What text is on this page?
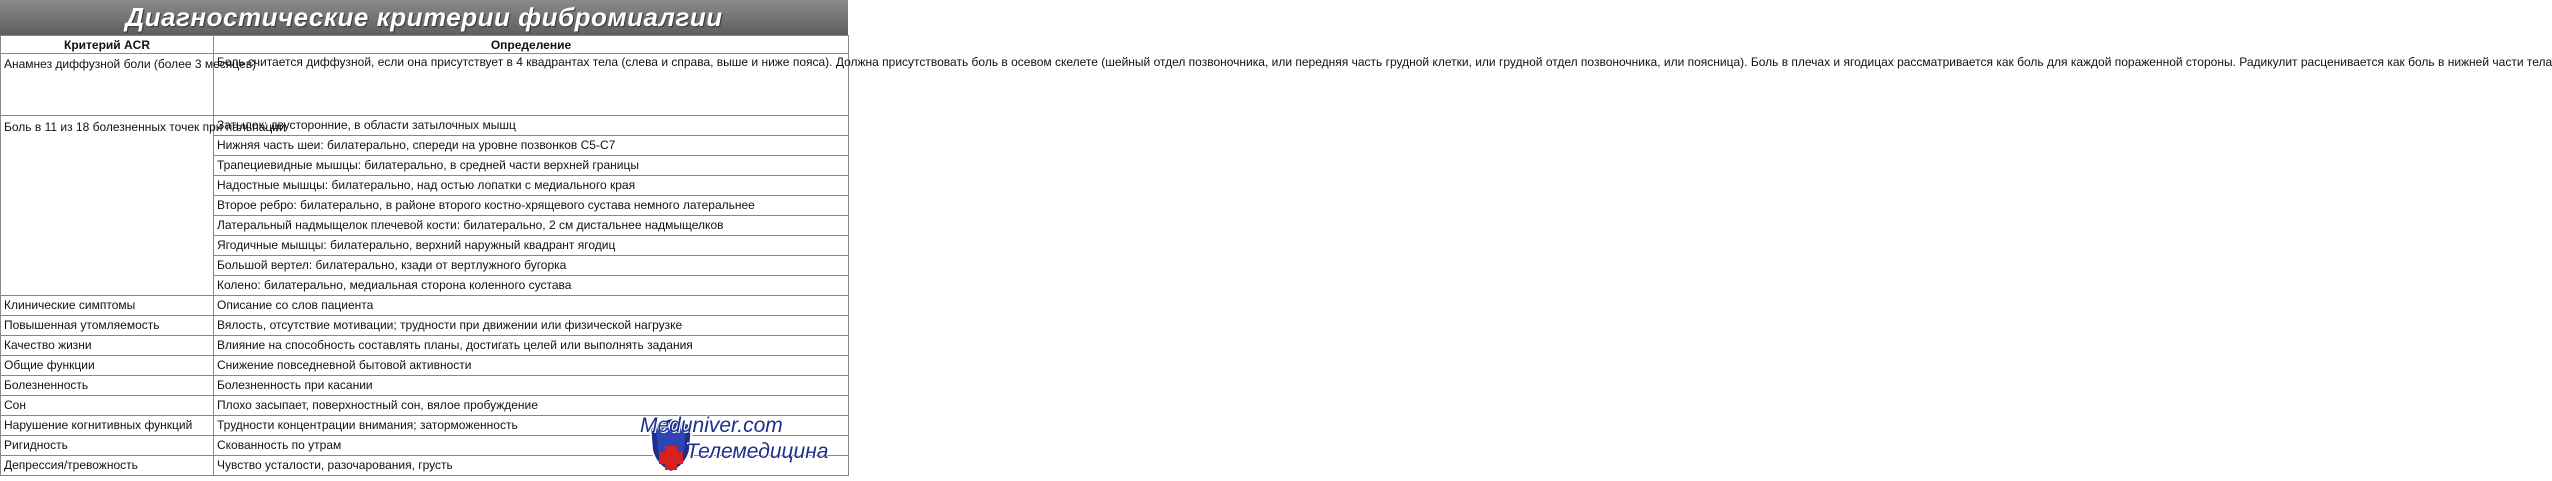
Диагностические критерии фибромиалгии
Критерий ACR	Определение
Анамнез диффузной боли (более 3 месяцев)	Боль считается диффузной, если она присутствует в 4 квадрантах тела (слева и справа, выше и ниже пояса). Должна присутствовать боль в осевом скелете (шейный отдел позвоночника, или передняя часть грудной клетки, или грудной отдел позвоночника, или поясница). Боль в плечах и ягодицах рассматривается как боль для каждой пораженной стороны. Радикулит расценивается как боль в нижней части тела
Боль в 11 из 18 болезненных точек при пальпации	Затылок: двусторонние, в области затылочных мышц
	Нижняя часть шеи: билатерально, спереди на уровне позвонков С5-С7
	Трапециевидные мышцы: билатерально, в средней части верхней границы
	Надостные мышцы: билатерально, над остью лопатки с медиального края
	Второе ребро: билатерально, в районе второго костно-хрящевого сустава немного латеральнее
	Латеральный надмыщелок плечевой кости: билатерально, 2 см дистальнее надмыщелков
	Ягодичные мышцы: билатерально, верхний наружный квадрант ягодиц
	Большой вертел: билатерально, кзади от вертлужного бугорка
	Колено: билатерально, медиальная сторона коленного сустава
Клинические симптомы	Описание со слов пациента
Повышенная утомляемость	Вялость, отсутствие мотивации; трудности при движении или физической нагрузке
Качество жизни	Влияние на способность составлять планы, достигать целей или выполнять задания
Общие функции	Снижение повседневной бытовой активности
Болезненность	Болезненность при касании
Сон	Плохо засыпает, поверхностный сон, вялое пробуждение
Нарушение когнитивных функций	Трудности концентрации внимания; заторможенность
Ригидность	Скованность по утрам
Депрессия/тревожность	Чувство усталости, разочарования, грусть
Meduniver.com
Телемедицина
